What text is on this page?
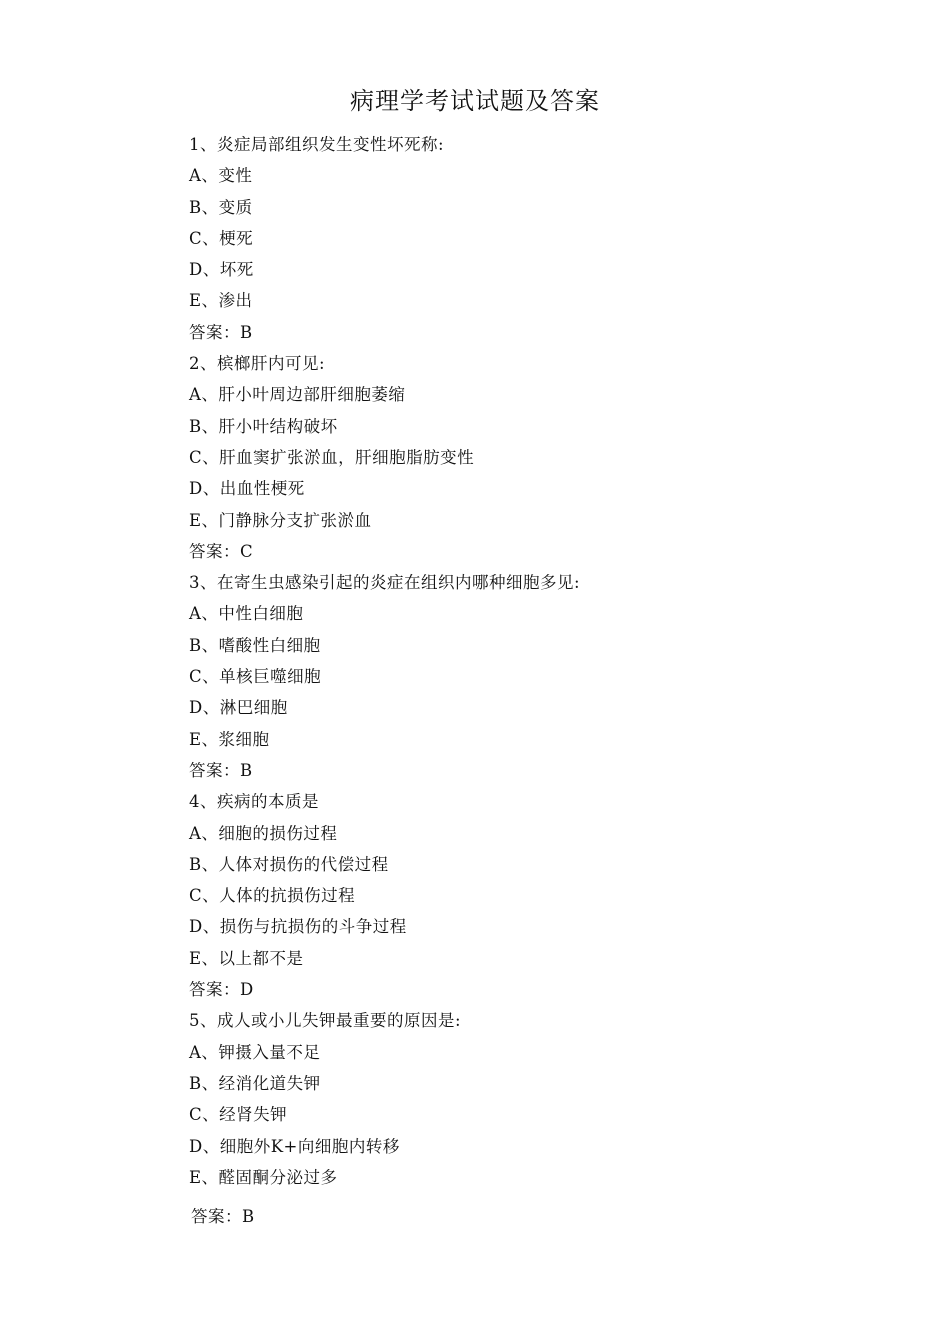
病理学考试试题及答案
1、炎症局部组织发生变性坏死称:
A、变性
B、变质
C、梗死
D、坏死
E、渗出
答案：B
2、槟榔肝内可见:
A、肝小叶周边部肝细胞萎缩
B、肝小叶结构破坏
C、肝血窦扩张淤血，肝细胞脂肪变性
D、出血性梗死
E、门静脉分支扩张淤血
答案：C
3、在寄生虫感染引起的炎症在组织内哪种细胞多见:
A、中性白细胞
B、嗜酸性白细胞
C、单核巨噬细胞
D、淋巴细胞
E、浆细胞
答案：B
4、疾病的本质是
A、细胞的损伤过程
B、人体对损伤的代偿过程
C、人体的抗损伤过程
D、损伤与抗损伤的斗争过程
E、以上都不是
答案：D
5、成人或小儿失钾最重要的原因是:
A、钾摄入量不足
B、经消化道失钾
C、经肾失钾
D、细胞外K+向细胞内转移
E、醛固酮分泌过多
答案：B
